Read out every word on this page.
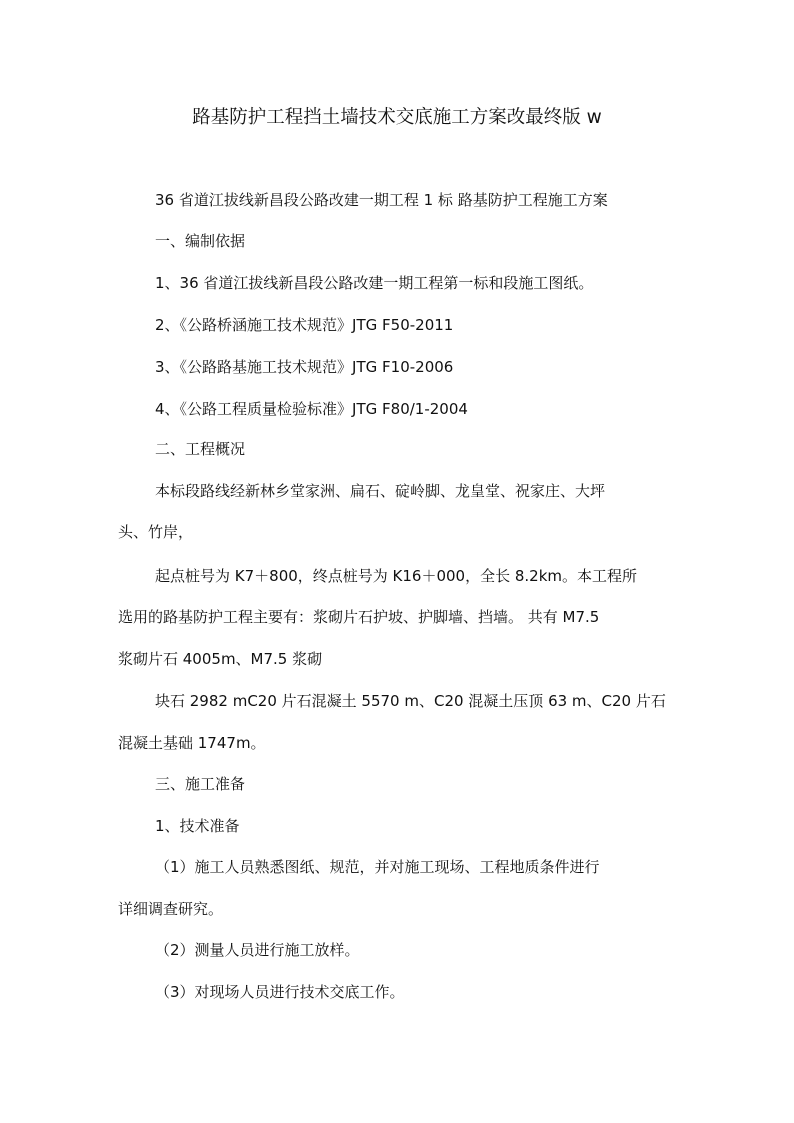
路基防护工程挡土墙技术交底施工方案改最终版 w
36 省道江拔线新昌段公路改建一期工程 1 标 路基防护工程施工方案
一、编制依据
1、36 省道江拔线新昌段公路改建一期工程第一标和段施工图纸。
2、《公路桥涵施工技术规范》JTG F50-2011
3、《公路路基施工技术规范》JTG F10-2006
4、《公路工程质量检验标准》JTG F80/1-2004
二、工程概况
本标段路线经新林乡堂家洲、扁石、碇岭脚、龙皇堂、祝家庄、大坪
头、竹岸，
起点桩号为 K7＋800，终点桩号为 K16＋000，全长 8.2km。本工程所
选用的路基防护工程主要有：浆砌片石护坡、护脚墙、挡墙。 共有 M7.5
浆砌片石 4005m、M7.5 浆砌
块石 2982 mC20 片石混凝土 5570 m、C20 混凝土压顶 63 m、C20 片石
混凝土基础 1747m。
三、施工准备
1、技术准备
（1）施工人员熟悉图纸、规范，并对施工现场、工程地质条件进行
详细调查研究。
（2）测量人员进行施工放样。
（3）对现场人员进行技术交底工作。
